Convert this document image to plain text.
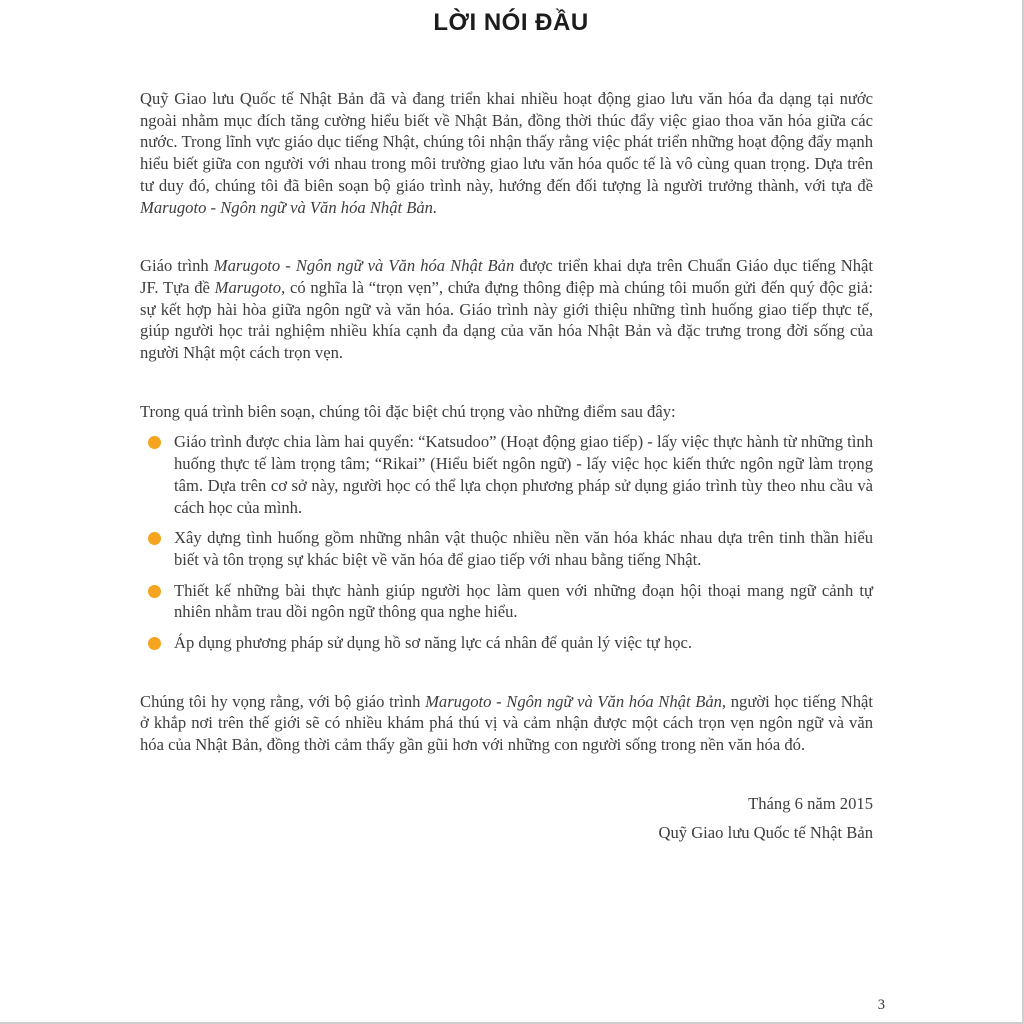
LỜI NÓI ĐẦU

Quỹ Giao lưu Quốc tế Nhật Bản đã và đang triển khai nhiều hoạt động giao lưu văn hóa đa dạng tại nước ngoài nhằm mục đích tăng cường hiểu biết về Nhật Bản, đồng thời thúc đẩy việc giao thoa văn hóa giữa các nước. Trong lĩnh vực giáo dục tiếng Nhật, chúng tôi nhận thấy rằng việc phát triển những hoạt động đẩy mạnh hiểu biết giữa con người với nhau trong môi trường giao lưu văn hóa quốc tế là vô cùng quan trọng. Dựa trên tư duy đó, chúng tôi đã biên soạn bộ giáo trình này, hướng đến đối tượng là người trưởng thành, với tựa đề Marugoto - Ngôn ngữ và Văn hóa Nhật Bản.

Giáo trình Marugoto - Ngôn ngữ và Văn hóa Nhật Bản được triển khai dựa trên Chuẩn Giáo dục tiếng Nhật JF. Tựa đề Marugoto, có nghĩa là “trọn vẹn”, chứa đựng thông điệp mà chúng tôi muốn gửi đến quý độc giả: sự kết hợp hài hòa giữa ngôn ngữ và văn hóa. Giáo trình này giới thiệu những tình huống giao tiếp thực tế, giúp người học trải nghiệm nhiều khía cạnh đa dạng của văn hóa Nhật Bản và đặc trưng trong đời sống của người Nhật một cách trọn vẹn.

Trong quá trình biên soạn, chúng tôi đặc biệt chú trọng vào những điểm sau đây:

Giáo trình được chia làm hai quyển: “Katsudoo” (Hoạt động giao tiếp) - lấy việc thực hành từ những tình huống thực tế làm trọng tâm; “Rikai” (Hiểu biết ngôn ngữ) - lấy việc học kiến thức ngôn ngữ làm trọng tâm. Dựa trên cơ sở này, người học có thể lựa chọn phương pháp sử dụng giáo trình tùy theo nhu cầu và cách học của mình.
Xây dựng tình huống gồm những nhân vật thuộc nhiều nền văn hóa khác nhau dựa trên tinh thần hiểu biết và tôn trọng sự khác biệt về văn hóa để giao tiếp với nhau bằng tiếng Nhật.
Thiết kế những bài thực hành giúp người học làm quen với những đoạn hội thoại mang ngữ cảnh tự nhiên nhằm trau dồi ngôn ngữ thông qua nghe hiểu.
Áp dụng phương pháp sử dụng hồ sơ năng lực cá nhân để quản lý việc tự học.

Chúng tôi hy vọng rằng, với bộ giáo trình Marugoto - Ngôn ngữ và Văn hóa Nhật Bản, người học tiếng Nhật ở khắp nơi trên thế giới sẽ có nhiều khám phá thú vị và cảm nhận được một cách trọn vẹn ngôn ngữ và văn hóa của Nhật Bản, đồng thời cảm thấy gần gũi hơn với những con người sống trong nền văn hóa đó.

Tháng 6 năm 2015
Quỹ Giao lưu Quốc tế Nhật Bản
3
